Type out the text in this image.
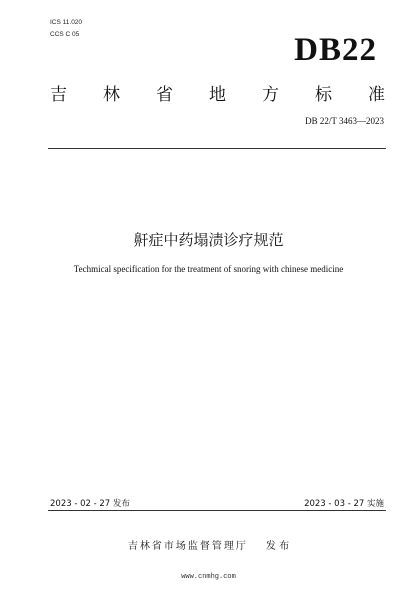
ICS 11.020
CCS C 05	DB22
吉 林 省 地 方 标 准
DB 22/T 3463—2023
鼾症中药塌渍诊疗规范
Techmical specification for the treatment of snoring with chinese medicine
2023 - 02 - 27 发布	2023 - 03 - 27 实施
吉林省市场监督管理厅 发 布
www.cnmhg.com
